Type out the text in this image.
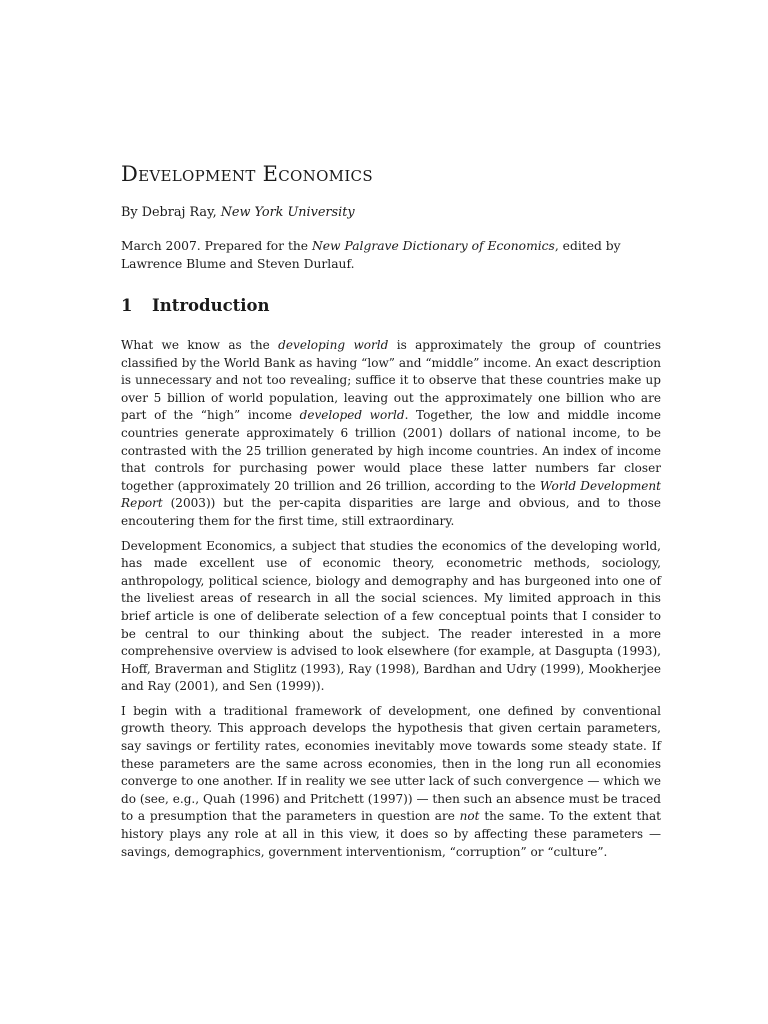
Development Economics
By Debraj Ray, New York University
March 2007. Prepared for the New Palgrave Dictionary of Economics, edited by Lawrence Blume and Steven Durlauf.
1 Introduction

What we know as the developing world is approximately the group of countries classified by the World Bank as having “low” and “middle” income. An exact description is unnecessary and not too revealing; suffice it to observe that these countries make up over 5 billion of world population, leaving out the approximately one billion who are part of the “high” income developed world. Together, the low and middle income countries generate approximately 6 trillion (2001) dollars of national income, to be contrasted with the 25 trillion generated by high income countries. An index of income that controls for purchasing power would place these latter numbers far closer together (approximately 20 trillion and 26 trillion, according to the World Development Report (2003)) but the per-capita disparities are large and obvious, and to those encoutering them for the first time, still extraordinary.

Development Economics, a subject that studies the economics of the developing world, has made excellent use of economic theory, econometric methods, sociology, anthropology, political science, biology and demography and has burgeoned into one of the liveliest areas of research in all the social sciences. My limited approach in this brief article is one of deliberate selection of a few conceptual points that I consider to be central to our thinking about the subject. The reader interested in a more comprehensive overview is advised to look elsewhere (for example, at Dasgupta (1993), Hoff, Braverman and Stiglitz (1993), Ray (1998), Bardhan and Udry (1999), Mookherjee and Ray (2001), and Sen (1999)).

I begin with a traditional framework of development, one defined by conventional growth theory. This approach develops the hypothesis that given certain parameters, say savings or fertility rates, economies inevitably move towards some steady state. If these parameters are the same across economies, then in the long run all economies converge to one another. If in reality we see utter lack of such convergence — which we do (see, e.g., Quah (1996) and Pritchett (1997)) — then such an absence must be traced to a presumption that the parameters in question are not the same. To the extent that history plays any role at all in this view, it does so by affecting these parameters — savings, demographics, government interventionism, “corruption” or “culture”.
